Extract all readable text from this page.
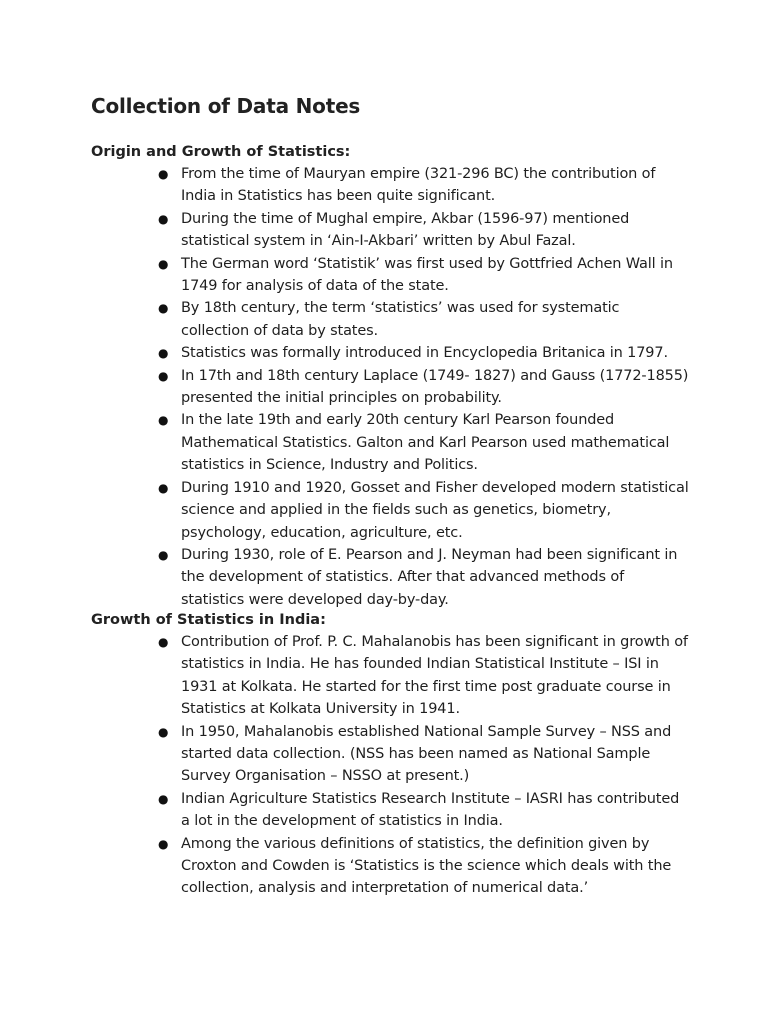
Collection of Data Notes
Origin and Growth of Statistics:
● From the time of Mauryan empire (321-296 BC) the contribution of India in Statistics has been quite significant.
● During the time of Mughal empire, Akbar (1596-97) mentioned statistical system in ‘Ain-I-Akbari’ written by Abul Fazal.
● The German word ‘Statistik’ was first used by Gottfried Achen Wall in 1749 for analysis of data of the state.
● By 18th century, the term ‘statistics’ was used for systematic collection of data by states.
● Statistics was formally introduced in Encyclopedia Britanica in 1797.
● In 17th and 18th century Laplace (1749- 1827) and Gauss (1772-1855) presented the initial principles on probability.
● In the late 19th and early 20th century Karl Pearson founded Mathematical Statistics. Galton and Karl Pearson used mathematical statistics in Science, Industry and Politics.
● During 1910 and 1920, Gosset and Fisher developed modern statistical science and applied in the fields such as genetics, biometry, psychology, education, agriculture, etc.
● During 1930, role of E. Pearson and J. Neyman had been significant in the development of statistics. After that advanced methods of statistics were developed day-by-day.
Growth of Statistics in India:
● Contribution of Prof. P. C. Mahalanobis has been significant in growth of statistics in India. He has founded Indian Statistical Institute – ISI in 1931 at Kolkata. He started for the first time post graduate course in Statistics at Kolkata University in 1941.
● In 1950, Mahalanobis established National Sample Survey – NSS and started data collection. (NSS has been named as National Sample Survey Organisation – NSSO at present.)
● Indian Agriculture Statistics Research Institute – IASRI has contributed a lot in the development of statistics in India.
● Among the various definitions of statistics, the definition given by Croxton and Cowden is ‘Statistics is the science which deals with the collection, analysis and interpretation of numerical data.’
